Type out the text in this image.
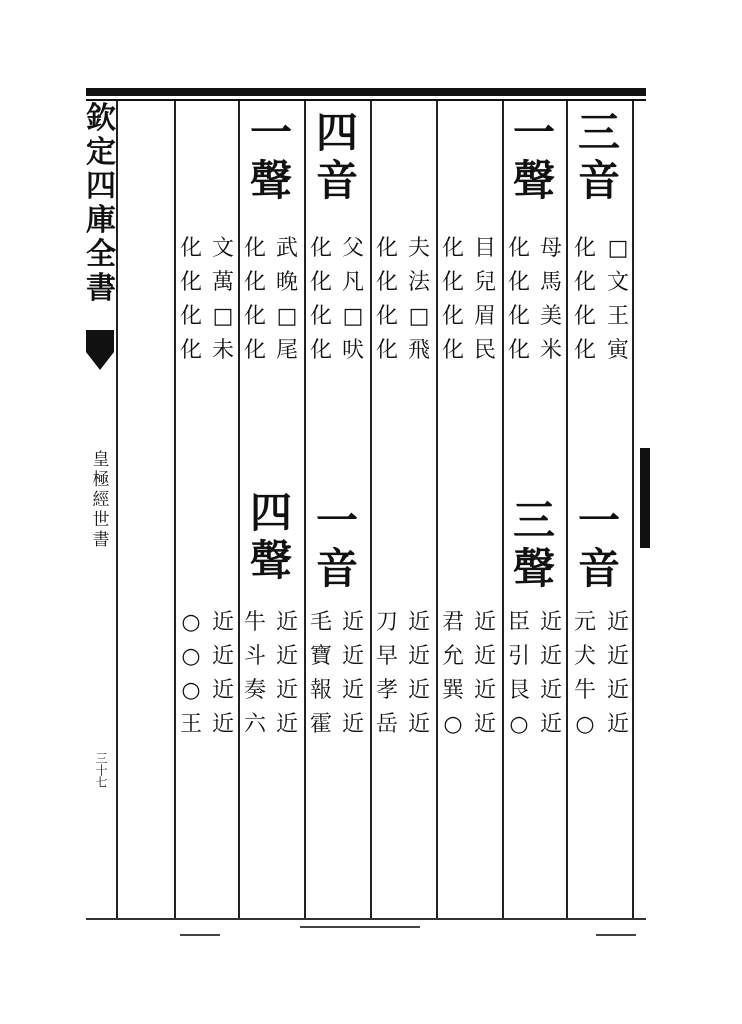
欽
定
四
庫
全
書
皇
極
經
世
書
三十七
三
音
□
文
王
寅
化
化
化
化
一
音
近
近
近
近
元
犬
牛
○
一
聲
母
馬
美
米
化
化
化
化
三
聲
近
近
近
近
臣
引
艮
○
目
兒
眉
民
化
化
化
化
近
近
近
近
君
允
巽
○
夫
法
□
飛
化
化
化
化
近
近
近
近
刀
早
孝
岳
四
音
父
凡
□
吠
化
化
化
化
一
音
近
近
近
近
毛
寶
報
霍
一
聲
武
晚
□
尾
化
化
化
化
四
聲
近
近
近
近
牛
斗
奏
六
文
萬
□
未
化
化
化
化
近
近
近
近
○
○
○
王
